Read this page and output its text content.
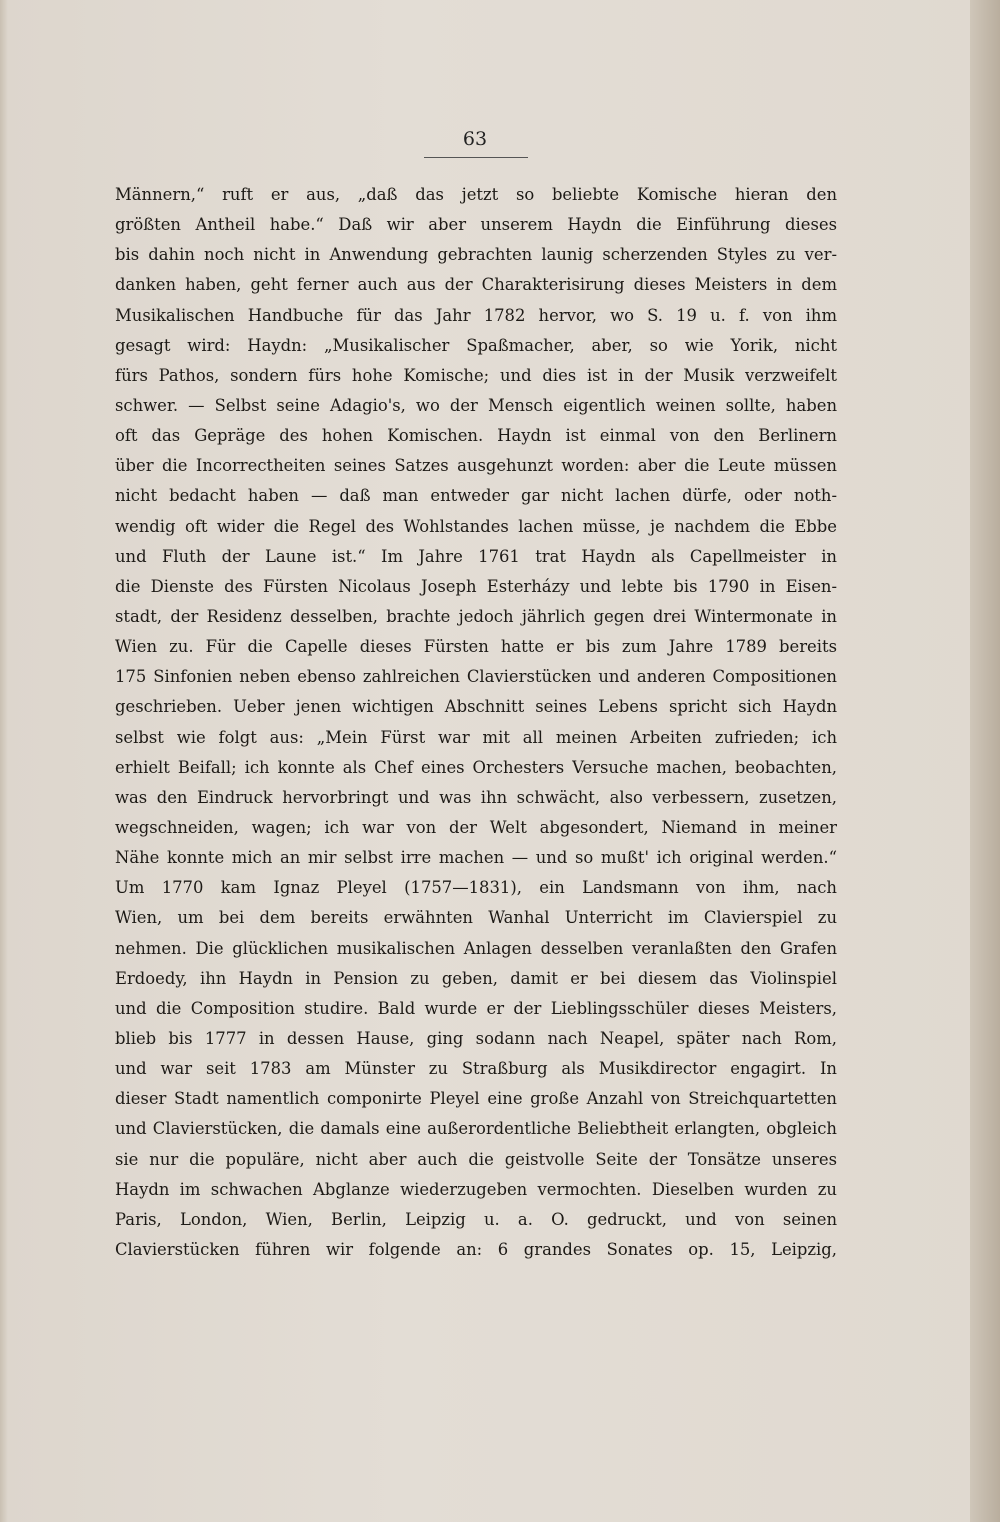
63
Männern,“ ruft er aus, „daß das jetzt so beliebte Komische hieran den
größten Antheil habe.“ Daß wir aber unserem Haydn die Einführung dieses
bis dahin noch nicht in Anwendung gebrachten launig scherzenden Styles zu ver-
danken haben, geht ferner auch aus der Charakterisirung dieses Meisters in dem
Musikalischen Handbuche für das Jahr 1782 hervor, wo S. 19 u. f. von ihm
gesagt wird: Haydn: „Musikalischer Spaßmacher, aber, so wie Yorik, nicht
fürs Pathos, sondern fürs hohe Komische; und dies ist in der Musik verzweifelt
schwer. — Selbst seine Adagio's, wo der Mensch eigentlich weinen sollte, haben
oft das Gepräge des hohen Komischen. Haydn ist einmal von den Berlinern
über die Incorrectheiten seines Satzes ausgehunzt worden: aber die Leute müssen
nicht bedacht haben — daß man entweder gar nicht lachen dürfe, oder noth-
wendig oft wider die Regel des Wohlstandes lachen müsse, je nachdem die Ebbe
und Fluth der Laune ist.“ Im Jahre 1761 trat Haydn als Capellmeister in
die Dienste des Fürsten Nicolaus Joseph Esterházy und lebte bis 1790 in Eisen-
stadt, der Residenz desselben, brachte jedoch jährlich gegen drei Wintermonate in
Wien zu. Für die Capelle dieses Fürsten hatte er bis zum Jahre 1789 bereits
175 Sinfonien neben ebenso zahlreichen Clavierstücken und anderen Compositionen
geschrieben. Ueber jenen wichtigen Abschnitt seines Lebens spricht sich Haydn
selbst wie folgt aus: „Mein Fürst war mit all meinen Arbeiten zufrieden; ich
erhielt Beifall; ich konnte als Chef eines Orchesters Versuche machen, beobachten,
was den Eindruck hervorbringt und was ihn schwächt, also verbessern, zusetzen,
wegschneiden, wagen; ich war von der Welt abgesondert, Niemand in meiner
Nähe konnte mich an mir selbst irre machen — und so mußt' ich original werden.“
Um 1770 kam Ignaz Pleyel (1757—1831), ein Landsmann von ihm, nach
Wien, um bei dem bereits erwähnten Wanhal Unterricht im Clavierspiel zu
nehmen. Die glücklichen musikalischen Anlagen desselben veranlaßten den Grafen
Erdoedy, ihn Haydn in Pension zu geben, damit er bei diesem das Violinspiel
und die Composition studire. Bald wurde er der Lieblingsschüler dieses Meisters,
blieb bis 1777 in dessen Hause, ging sodann nach Neapel, später nach Rom,
und war seit 1783 am Münster zu Straßburg als Musikdirector engagirt. In
dieser Stadt namentlich componirte Pleyel eine große Anzahl von Streichquartetten
und Clavierstücken, die damals eine außerordentliche Beliebtheit erlangten, obgleich
sie nur die populäre, nicht aber auch die geistvolle Seite der Tonsätze unseres
Haydn im schwachen Abglanze wiederzugeben vermochten. Dieselben wurden zu
Paris, London, Wien, Berlin, Leipzig u. a. O. gedruckt, und von seinen
Clavierstücken führen wir folgende an: 6 grandes Sonates op. 15, Leipzig,
